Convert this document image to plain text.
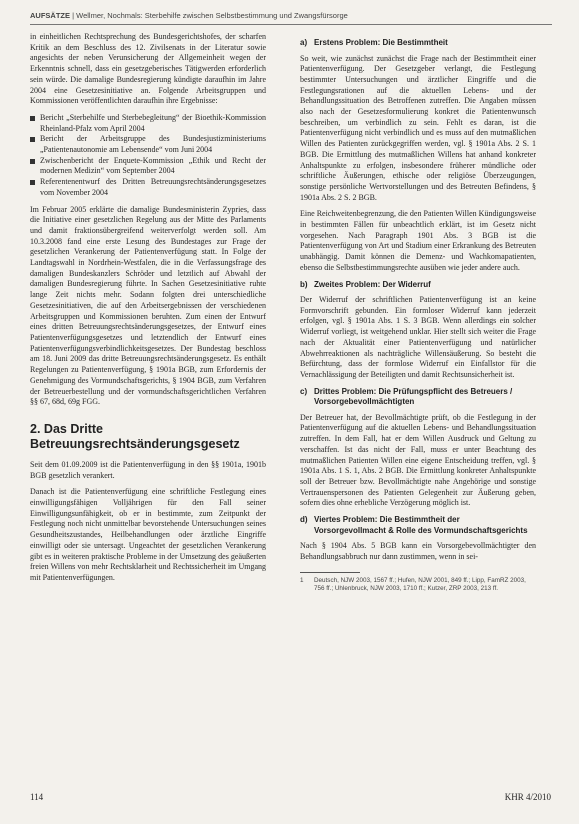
AUFSÄTZE | Wellmer, Nochmals: Sterbehilfe zwischen Selbstbestimmung und Zwangsfürsorge

in einheitlichen Rechtsprechung des Bundesgerichtshofes, der scharfen Kritik an dem Beschluss des 12. Zivilsenats in der Literatur sowie angesichts der neben Verunsicherung der Allgemeinheit wegen der Erkenntnis schnell, dass ein gesetzgeberisches Tätigwerden erforderlich sein würde. Die damalige Bundesregierung kündigte daraufhin im Jahre 2004 eine Gesetzesinitiative an. Folgende Arbeitsgruppen und Kommissionen veröffentlichten daraufhin ihre Ergebnisse:

Bericht „Sterbehilfe und Sterbebegleitung“ der Bioethik-Kommission Rheinland-Pfalz vom April 2004
Bericht der Arbeitsgruppe des Bundesjustizministeriums „Patientenautonomie am Lebensende“ vom Juni 2004
Zwischenbericht der Enquete-Kommission „Ethik und Recht der modernen Medizin“ vom September 2004
Referentenentwurf des Dritten Betreuungsrechtsänderungsgesetzes vom November 2004

Im Februar 2005 erklärte die damalige Bundesministerin Zypries, dass die Initiative einer gesetzlichen Regelung aus der Mitte des Parlaments und damit fraktionsübergreifend weiterverfolgt werden soll. Am 10.3.2008 fand eine erste Lesung des Bundestages zur Frage der gesetzlichen Verankerung der Patientenverfügung statt. In Folge der Landtagswahl in Nordrhein-Westfalen, die in die Verfassungsfrage des damaligen Bundeskanzlers Schröder und letztlich auf Abwahl der damaligen Bundesregierung führte. In Sachen Gesetzesinitiative ruhte lange Zeit nichts mehr. Sodann folgten drei unterschiedliche Gesetzesinitiativen, die auf den Arbeitsergebnissen der verschiedenen Arbeitsgruppen und Kommissionen beruhten. Zum einen der Entwurf eines dritten Betreuungsrechtsänderungsgesetzes, der Entwurf eines Patientenverfügungsgesetzes und letztendlich der Entwurf eines Patientenverfügungsverbindlichkeitsgesetzes. Der Bundestag beschloss am 18. Juni 2009 das dritte Betreuungsrechtsänderungsgesetz. Es enthält Regelungen zu Patientenverfügung, § 1901a BGB, zum Erfordernis der Genehmigung des Vormundschaftsgerichts, § 1904 BGB, zum Verfahren der Betreuerbestellung und der vormundschaftsgerichtlichen Verfahren §§ 67, 68d, 69g FGG.

2. Das Dritte Betreuungsrechtsänderungsgesetz

Seit dem 01.09.2009 ist die Patientenverfügung in den §§ 1901a, 1901b BGB gesetzlich verankert.

Danach ist die Patientenverfügung eine schriftliche Festlegung eines einwilligungsfähigen Volljährigen für den Fall seiner Einwilligungsunfähigkeit, ob er in bestimmte, zum Zeitpunkt der Festlegung noch nicht unmittelbar bevorstehende Untersuchungen seines Gesundheitszustandes, Heilbehandlungen oder ärztliche Eingriffe einwilligt oder sie untersagt. Ungeachtet der gesetzlichen Verankerung gibt es in weiteren praktische Probleme in der Umsetzung des geäußerten freien Willens von mehr Rechtsklarheit und Rechtssicherheit im Umgang mit Patientenverfügungen.

a) Erstens Problem: Die Bestimmtheit

So weit, wie zunächst zunächst die Frage nach der Bestimmtheit einer Patientenverfügung. Der Gesetzgeber verlangt, die Festlegung bestimmter Untersuchungen und ärztlicher Eingriffe und die Festlegungsrationen auf die aktuellen Lebens- und der Behandlungssituation des Betroffenen zutreffen. Die Angaben müssen also nach der Gesetzesformulierung konkret die Patientenwunsch beschreiben, um verbindlich zu sein. Fehlt es daran, ist die Patientenverfügung nicht verbindlich und es muss auf den mutmaßlichen Willen des Patienten zurückgegriffen werden, vgl. § 1901a Abs. 2 S. 1 BGB. Die Ermittlung des mutmaßlichen Willens hat anhand konkreter Anhaltspunkte zu erfolgen, insbesondere früherer mündliche oder schriftliche Äußerungen, ethische oder religiöse Überzeugungen, sonstige persönliche Wertvorstellungen und des Betreuten Befindens, § 1901a Abs. 2 S. 2 BGB.

Eine Reichweitenbegrenzung, die den Patienten Willen Kündigungsweise in bestimmten Fällen für unbeachtlich erklärt, ist im Gesetz nicht vorgesehen. Nach Paragraph 1901 Abs. 3 BGB ist die Patientenverfügung von Art und Stadium einer Erkrankung des Betreuten unabhängig. Damit können die Demenz- und Wachkomapatienten, ebenso die Selbstbestimmungsrechte ausüben wie jeder andere auch.

b) Zweites Problem: Der Widerruf

Der Widerruf der schriftlichen Patientenverfügung ist an keine Formvorschrift gebunden. Ein formloser Widerruf kann jederzeit erfolgen, vgl. § 1901a Abs. 1 S. 3 BGB. Wenn allerdings ein solcher Widerruf vorliegt, ist weitgehend unklar. Hier stellt sich weiter die Frage nach der Aktualität einer Patientenverfügung und natürlicher Abwehrreaktionen als nachträgliche Willensäußerung. So besteht die Befürchtung, dass der formlose Widerruf ein Einfallstor für die Vernachlässigung der Beteiligten und damit Rechtsunsicherheit ist.

c) Drittes Problem: Die Prüfungspflicht des Betreuers /
Vorsorgebevollmächtigten

Der Betreuer hat, der Bevollmächtigte prüft, ob die Festlegung in der Patientenverfügung auf die aktuellen Lebens- und Behandlungssituation zutreffen. In dem Fall, hat er dem Willen Ausdruck und Geltung zu verschaffen. Ist das nicht der Fall, muss er unter Beachtung des mutmaßlichen Patienten Willen eine eigene Entscheidung treffen, vgl. § 1901a Abs. 1 S. 1, Abs. 2 BGB. Die Ermittlung konkreter Anhaltspunkte soll der Betreuer bzw. Bevollmächtigte nahe Angehörige und sonstige Vertrauenspersonen des Patienten Gelegenheit zur Äußerung geben, sofern dies ohne erhebliche Verzögerung möglich ist.

d) Viertes Problem: Die Bestimmtheit der
Vorsorgevollmacht & Rolle des Vormundschaftsgerichts

Nach § 1904 Abs. 5 BGB kann ein Vorsorgebevollmächtigter den Behandlungsabbruch nur dann zustimmen, wenn in sei-

1 Deutsch, NJW 2003, 1567 ff.; Hufen, NJW 2001, 849 ff.; Lipp, FamRZ 2003, 756 ff.; Uhlenbruck, NJW 2003, 1710 ff.; Kutzer, ZRP 2003, 213 ff.
114	KHR 4/2010
